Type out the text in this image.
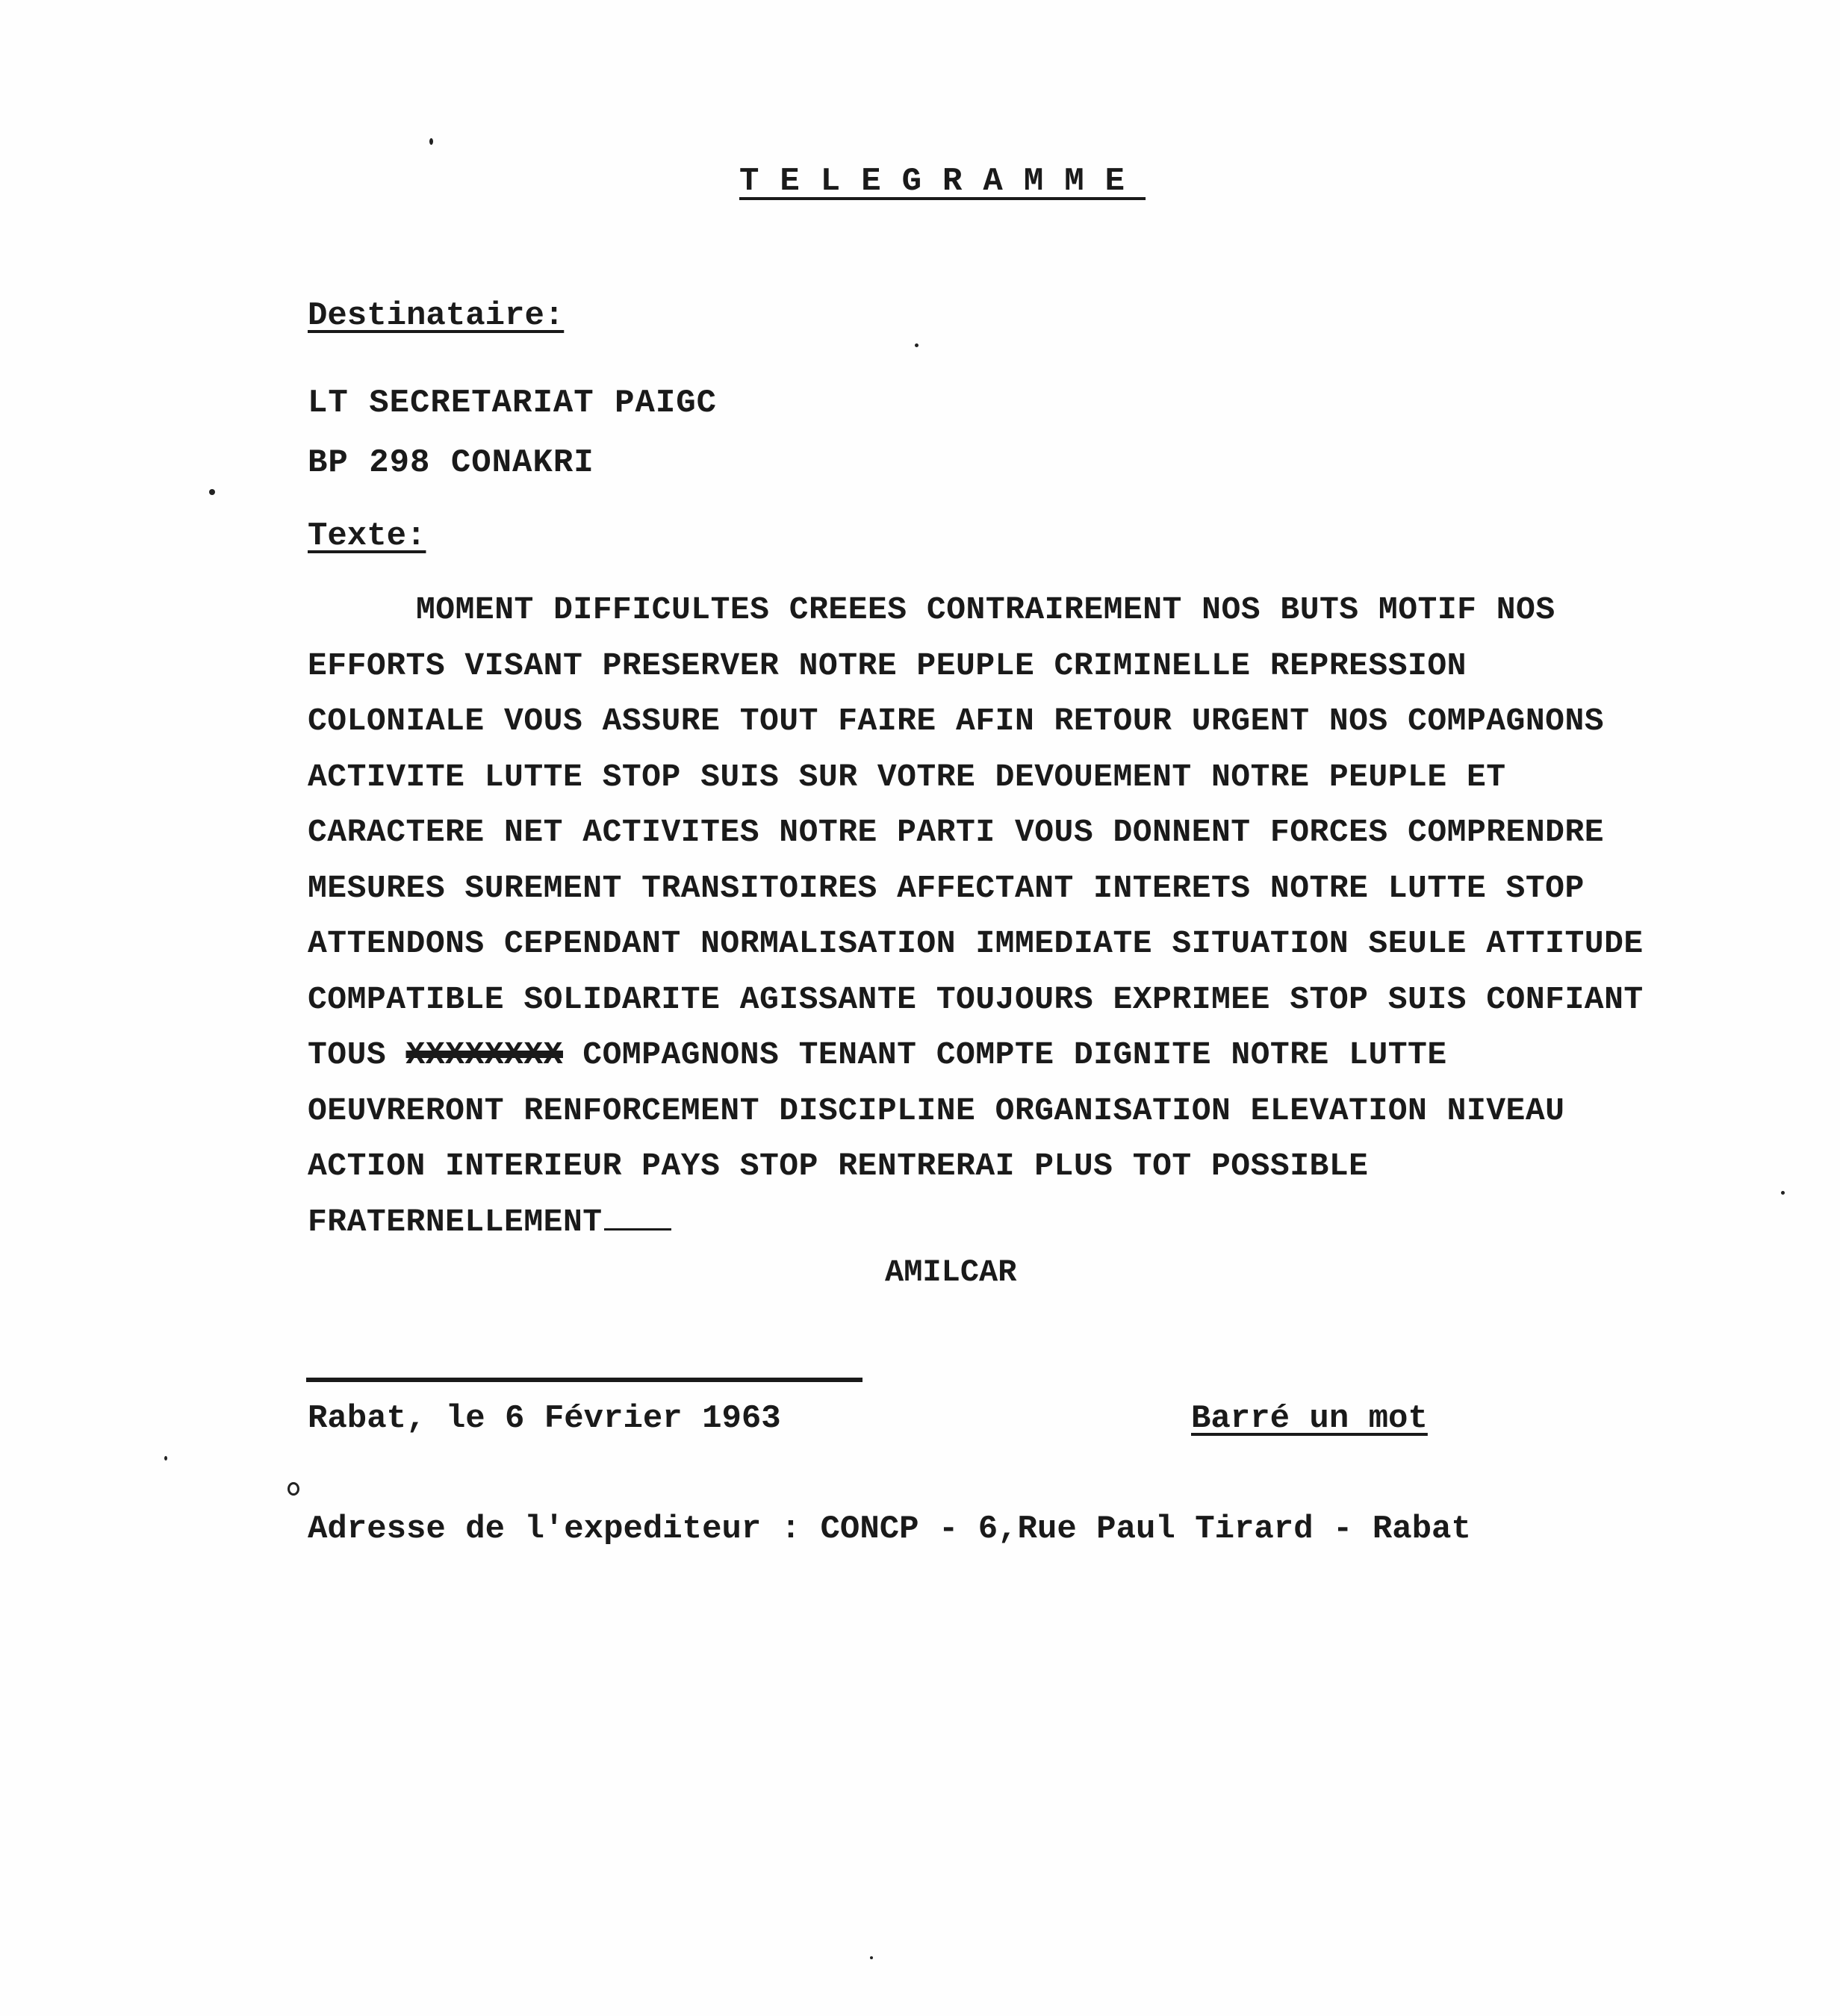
TELEGRAMME
Destinataire:
LT SECRETARIAT PAIGC
BP 298 CONAKRI
Texte:
MOMENT DIFFICULTES CREEES CONTRAIREMENT NOS BUTS MOTIF NOS
EFFORTS VISANT PRESERVER NOTRE PEUPLE CRIMINELLE REPRESSION
COLONIALE VOUS ASSURE TOUT FAIRE AFIN RETOUR URGENT NOS COMPAGNONS
ACTIVITE LUTTE STOP SUIS SUR VOTRE DEVOUEMENT NOTRE PEUPLE ET
CARACTERE NET ACTIVITES NOTRE PARTI VOUS DONNENT FORCES COMPRENDRE
MESURES SUREMENT TRANSITOIRES AFFECTANT INTERETS NOTRE LUTTE STOP
ATTENDONS CEPENDANT NORMALISATION IMMEDIATE SITUATION SEULE ATTITUDE
COMPATIBLE SOLIDARITE AGISSANTE TOUJOURS EXPRIMEE STOP SUIS CONFIANT
TOUS XXXXXXXX COMPAGNONS TENANT COMPTE DIGNITE NOTRE LUTTE
OEUVRERONT RENFORCEMENT DISCIPLINE ORGANISATION ELEVATION NIVEAU
ACTION INTERIEUR PAYS STOP RENTRERAI PLUS TOT POSSIBLE
FRATERNELLEMENT
AMILCAR
Rabat, le 6 Février 1963	Barré un mot
Adresse de l'expediteur : CONCP - 6,Rue Paul Tirard - Rabat
